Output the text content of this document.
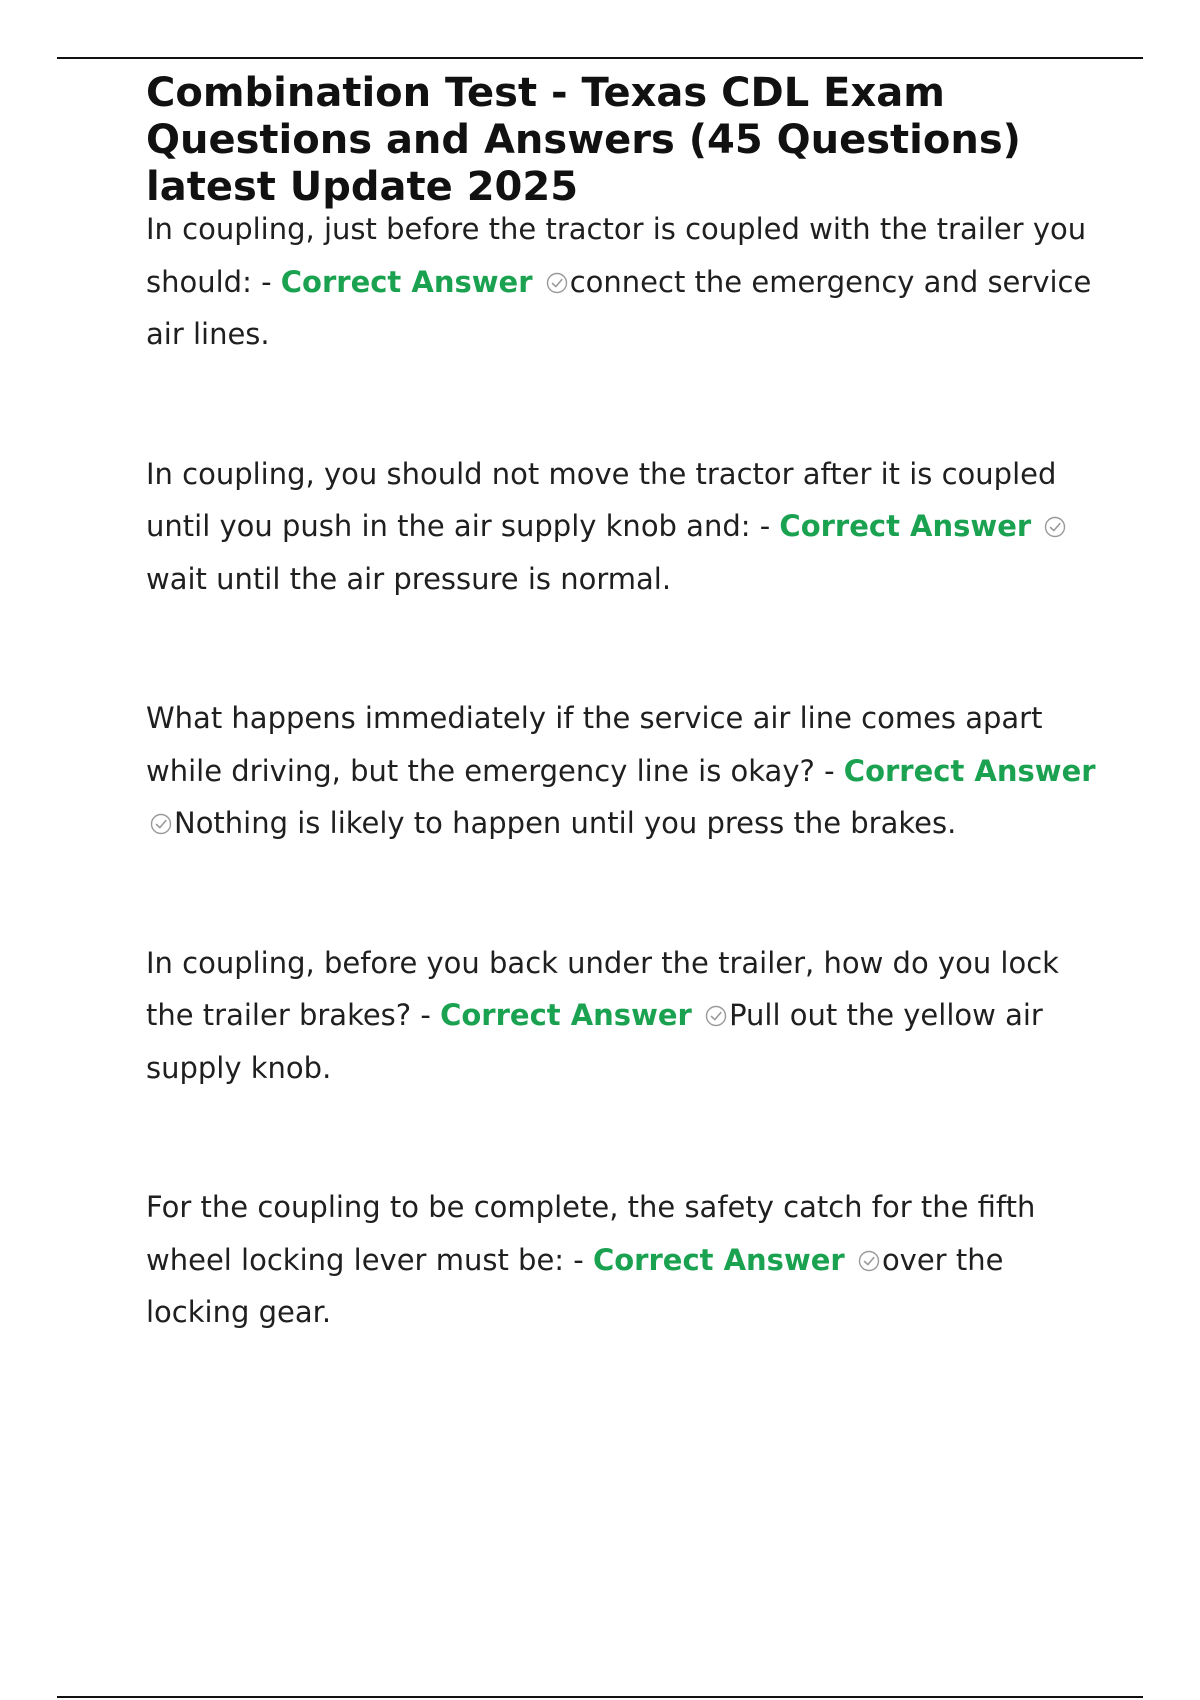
Combination Test - Texas CDL Exam Questions and Answers (45 Questions) latest Update 2025

In coupling, just before the tractor is coupled with the trailer you should: - Correct Answer connect the emergency and service air lines.

In coupling, you should not move the tractor after it is coupled until you push in the air supply knob and: - Correct Answer
wait until the air pressure is normal.

What happens immediately if the service air line comes apart while driving, but the emergency line is okay? - Correct Answer
Nothing is likely to happen until you press the brakes.

In coupling, before you back under the trailer, how do you lock the trailer brakes? - Correct Answer Pull out the yellow air supply knob.

For the coupling to be complete, the safety catch for the fifth wheel locking lever must be: - Correct Answer over the locking gear.
